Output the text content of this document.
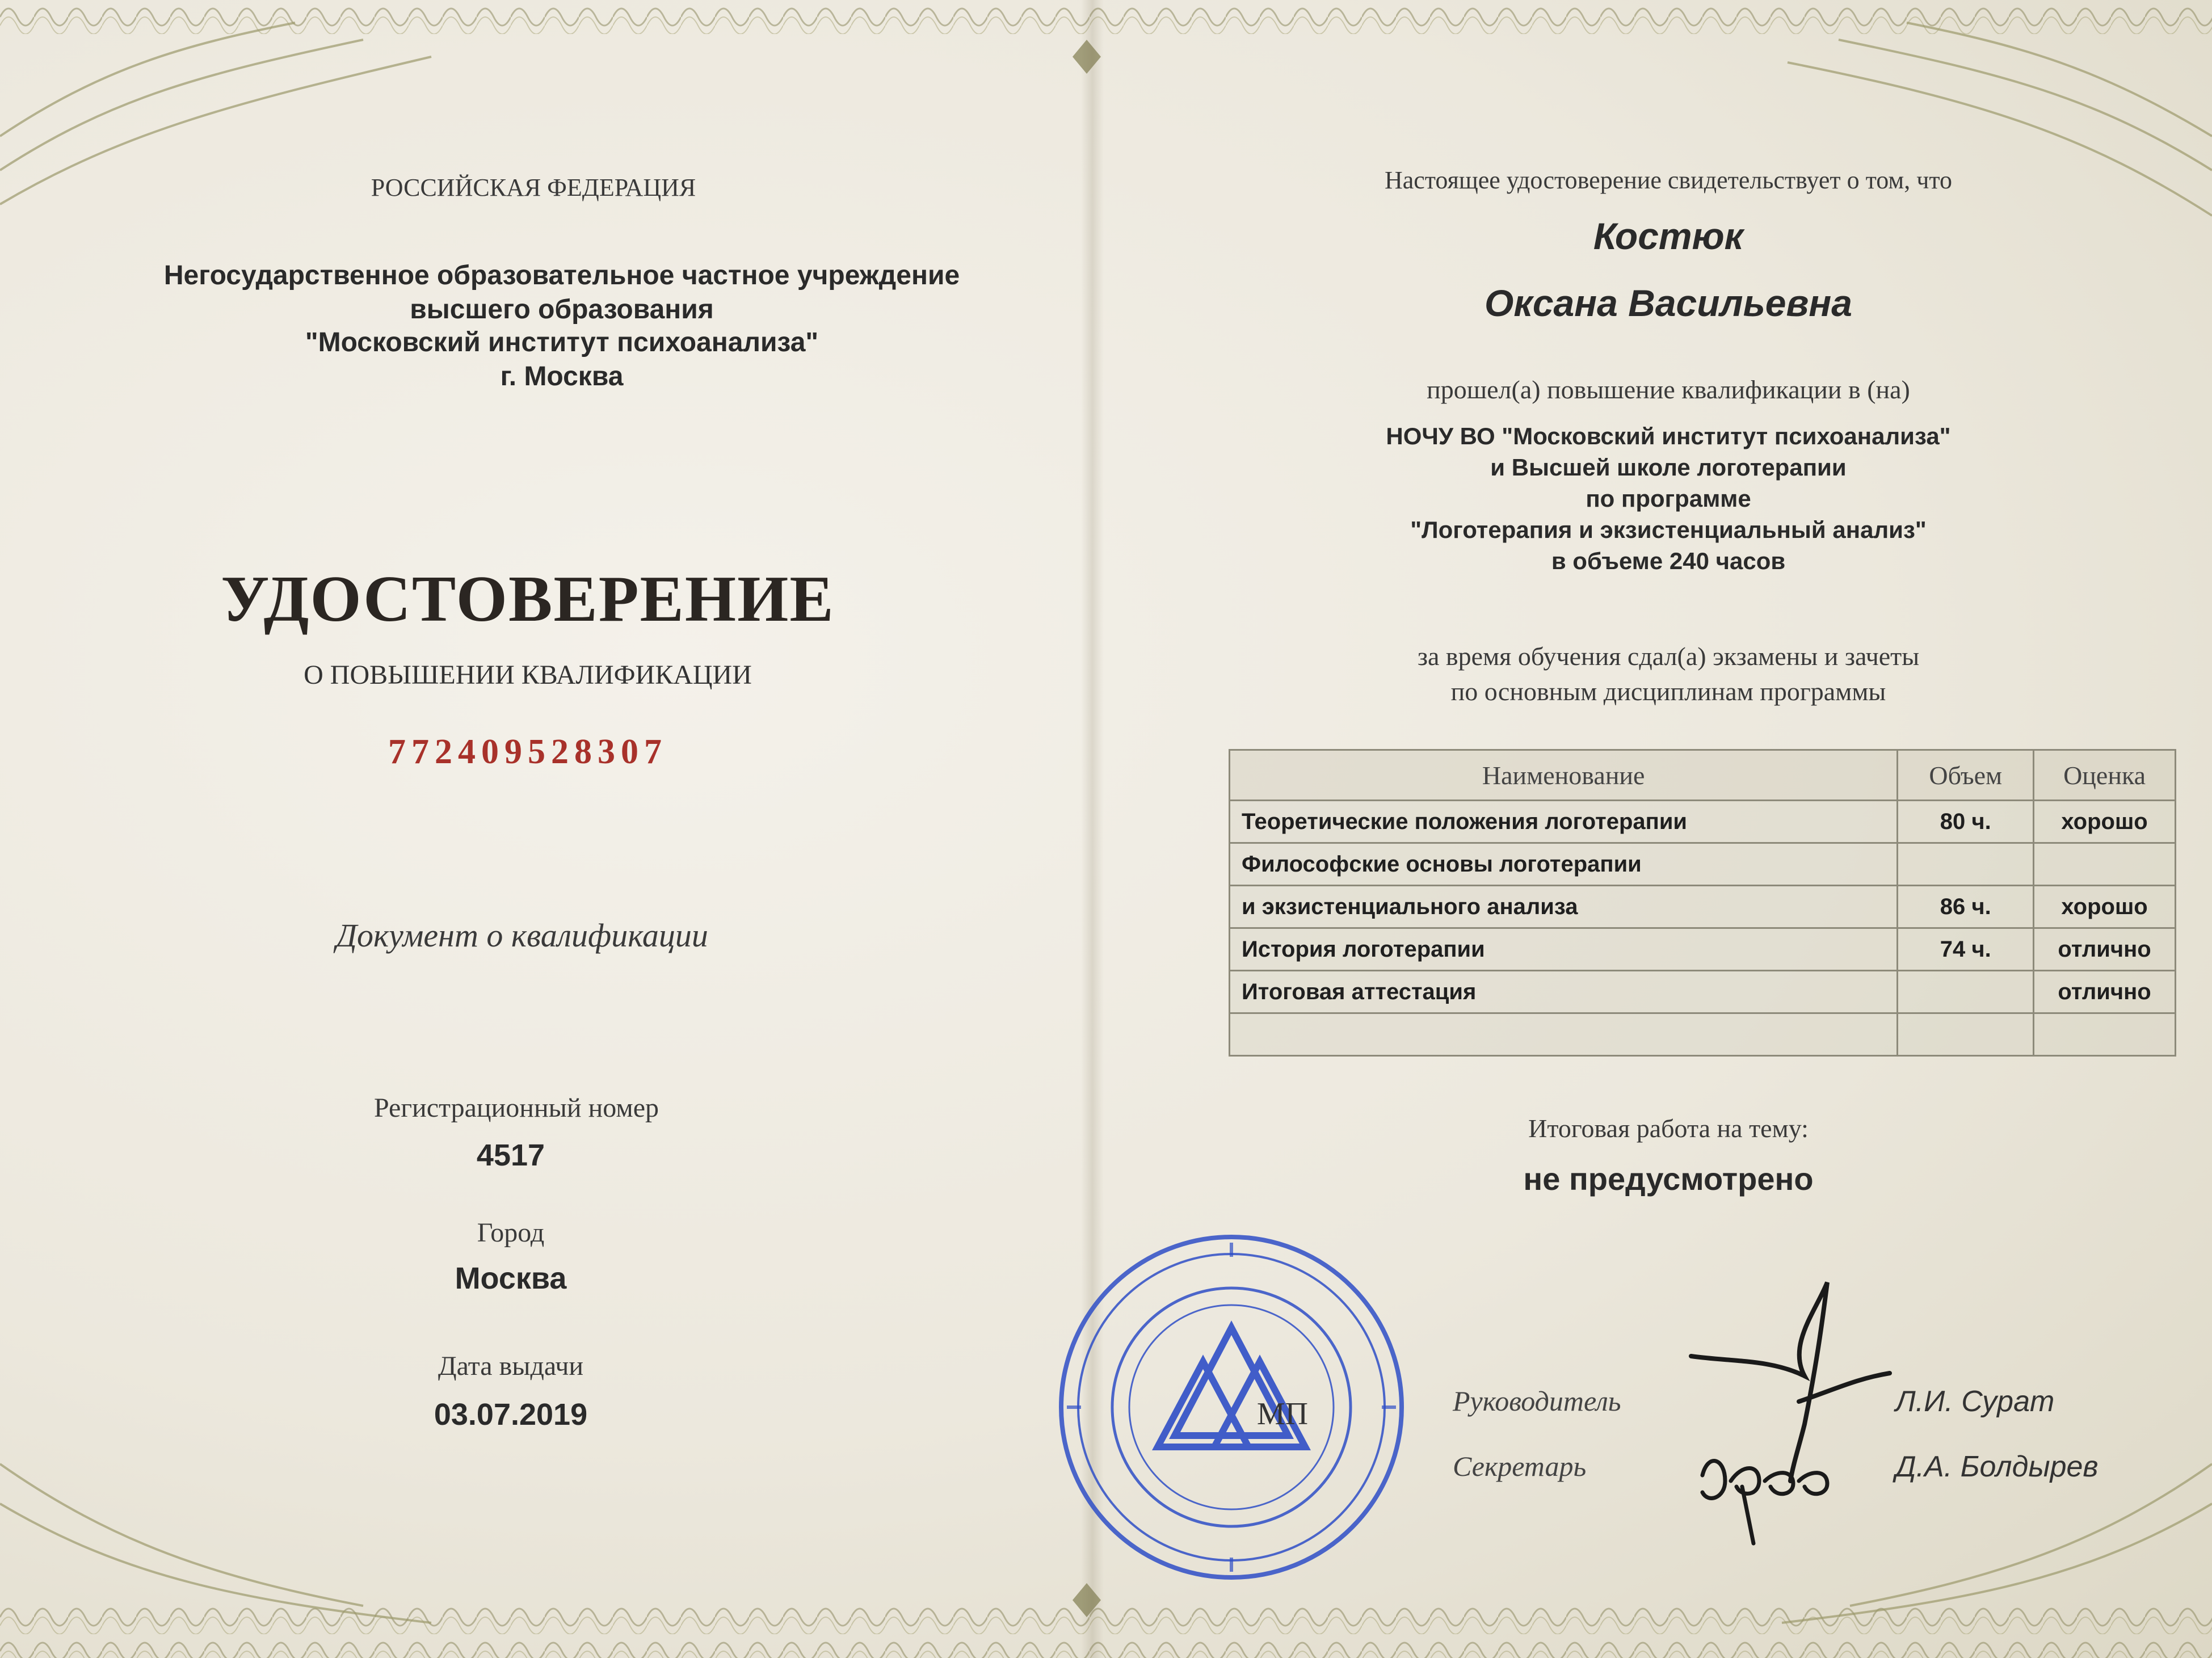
РОССИЙСКАЯ ФЕДЕРАЦИЯ
Негосударственное образовательное частное учреждение
высшего образования
"Московский институт психоанализа"
г. Москва
УДОСТОВЕРЕНИЕ
О ПОВЫШЕНИИ КВАЛИФИКАЦИИ
772409528307
Документ о квалификации
Регистрационный номер
4517
Город
Москва
Дата выдачи
03.07.2019
Настоящее удостоверение свидетельствует о том, что
Костюк
Оксана Васильевна
прошел(а) повышение квалификации в (на)
НОЧУ ВО "Московский институт психоанализа"
и Высшей школе логотерапии
по программе
"Логотерапия и экзистенциальный анализ"
в объеме 240 часов
за время обучения сдал(а) экзамены и зачеты
по основным дисциплинам программы
Наименование	Объем	Оценка
Теоретические положения логотерапии	80 ч.	хорошо
Философские основы логотерапии		
и экзистенциального анализа	86 ч.	хорошо
История логотерапии	74 ч.	отлично
Итоговая аттестация		отлично

Итоговая работа на тему:
не предусмотрено
МП	Руководитель	Л.И. Сурат
Секретарь	Д.А. Болдырев
